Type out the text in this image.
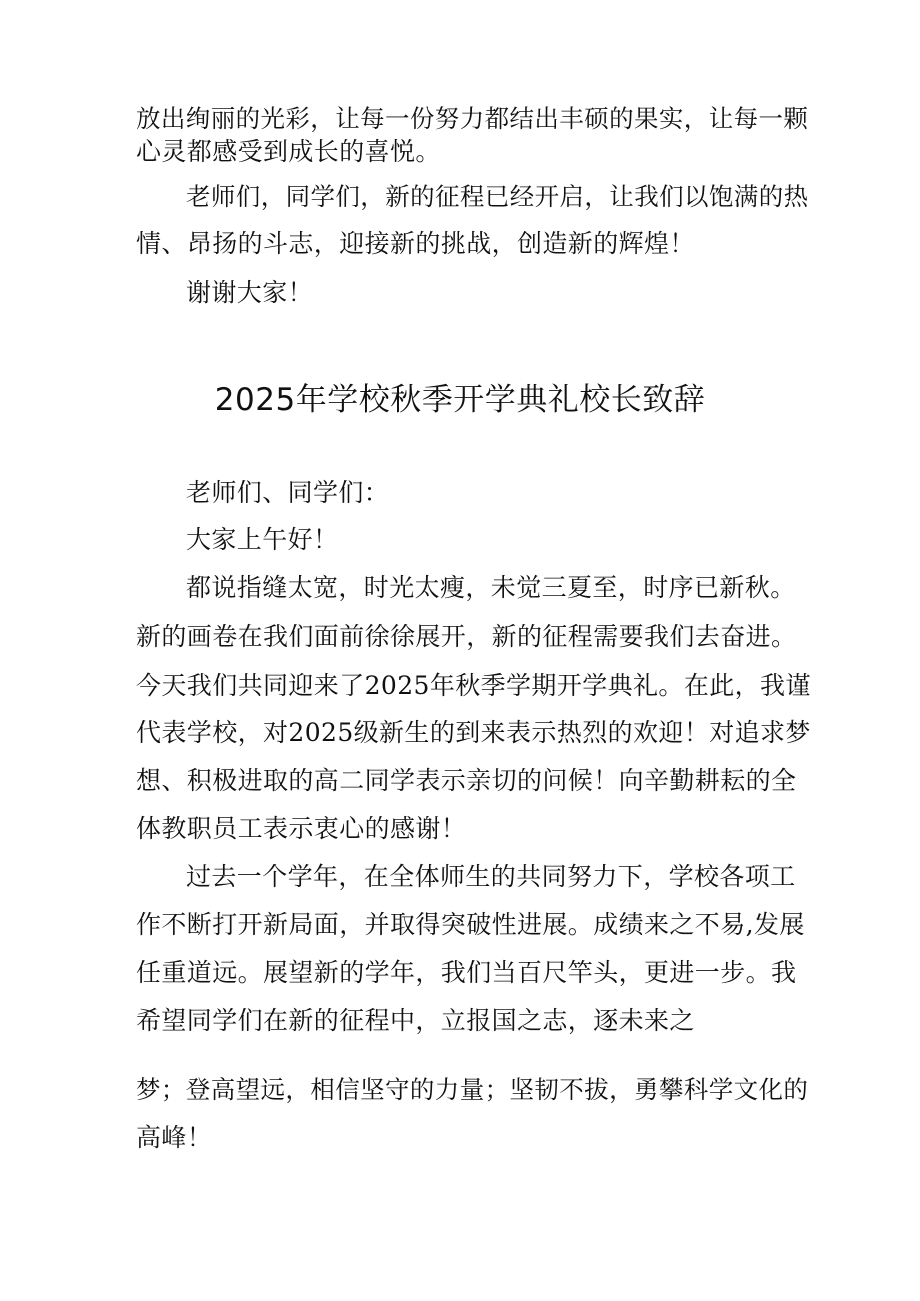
放出绚丽的光彩，让每一份努力都结出丰硕的果实，让每一颗
心灵都感受到成长的喜悦。
老师们，同学们，新的征程已经开启，让我们以饱满的热
情、昂扬的斗志，迎接新的挑战，创造新的辉煌！
谢谢大家！
2025年学校秋季开学典礼校长致辞
老师们、同学们：
大家上午好！
都说指缝太宽，时光太瘦，未觉三夏至，时序已新秋。
新的画卷在我们面前徐徐展开，新的征程需要我们去奋进。
今天我们共同迎来了2025年秋季学期开学典礼。在此，我谨
代表学校，对2025级新生的到来表示热烈的欢迎！对追求梦
想、积极进取的高二同学表示亲切的问候！向辛勤耕耘的全
体教职员工表示衷心的感谢！
过去一个学年，在全体师生的共同努力下，学校各项工
作不断打开新局面，并取得突破性进展。成绩来之不易,发展
任重道远。展望新的学年，我们当百尺竿头，更进一步。我
希望同学们在新的征程中，立报国之志，逐未来之
梦；登高望远，相信坚守的力量；坚韧不拔，勇攀科学文化的
高峰！
